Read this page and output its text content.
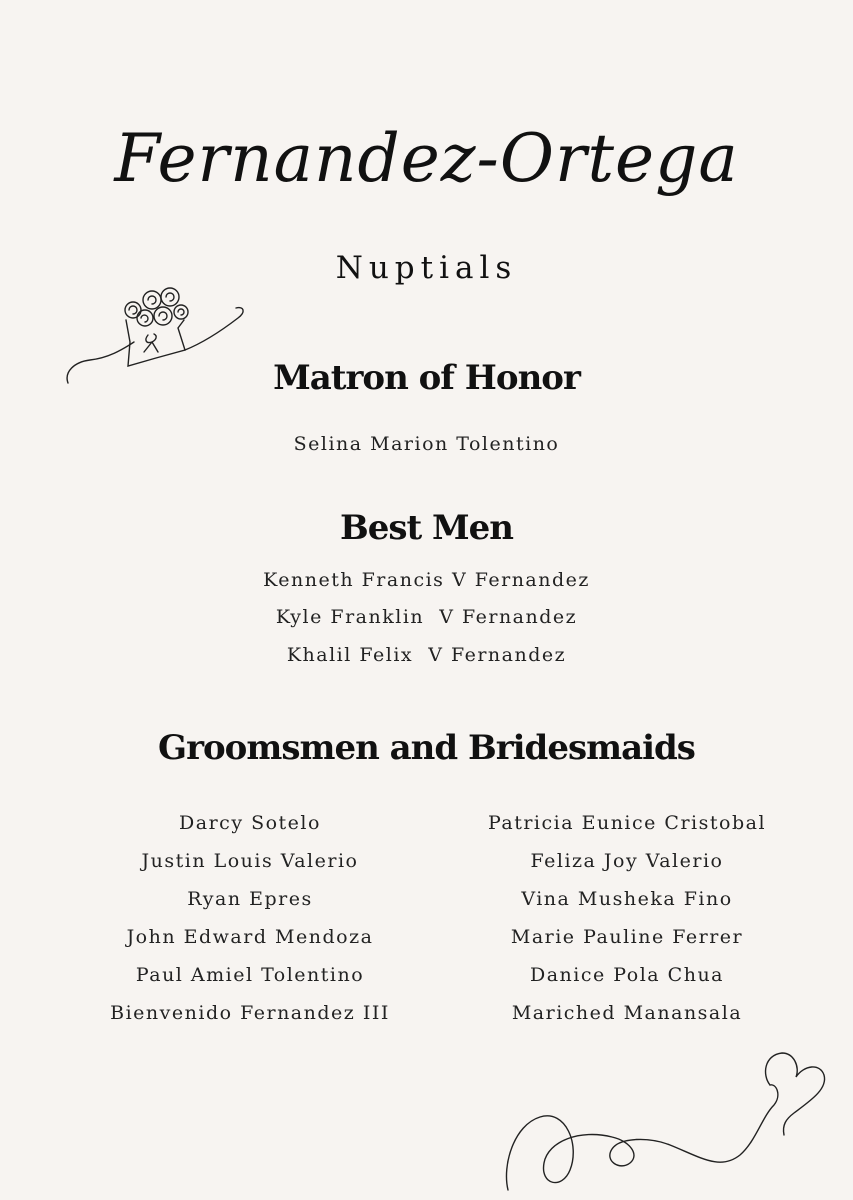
Fernandez-Ortega
Nuptials
Matron of Honor
Selina Marion Tolentino
Best Men
Kenneth Francis V Fernandez
Kyle Franklin  V Fernandez
Khalil Felix  V Fernandez
Groomsmen and Bridesmaids
Darcy Sotelo
Justin Louis Valerio
Ryan Epres
John Edward Mendoza
Paul Amiel Tolentino
Bienvenido Fernandez III
Patricia Eunice Cristobal
Feliza Joy Valerio
Vina Musheka Fino
Marie Pauline Ferrer
Danice Pola Chua
Mariched Manansala
